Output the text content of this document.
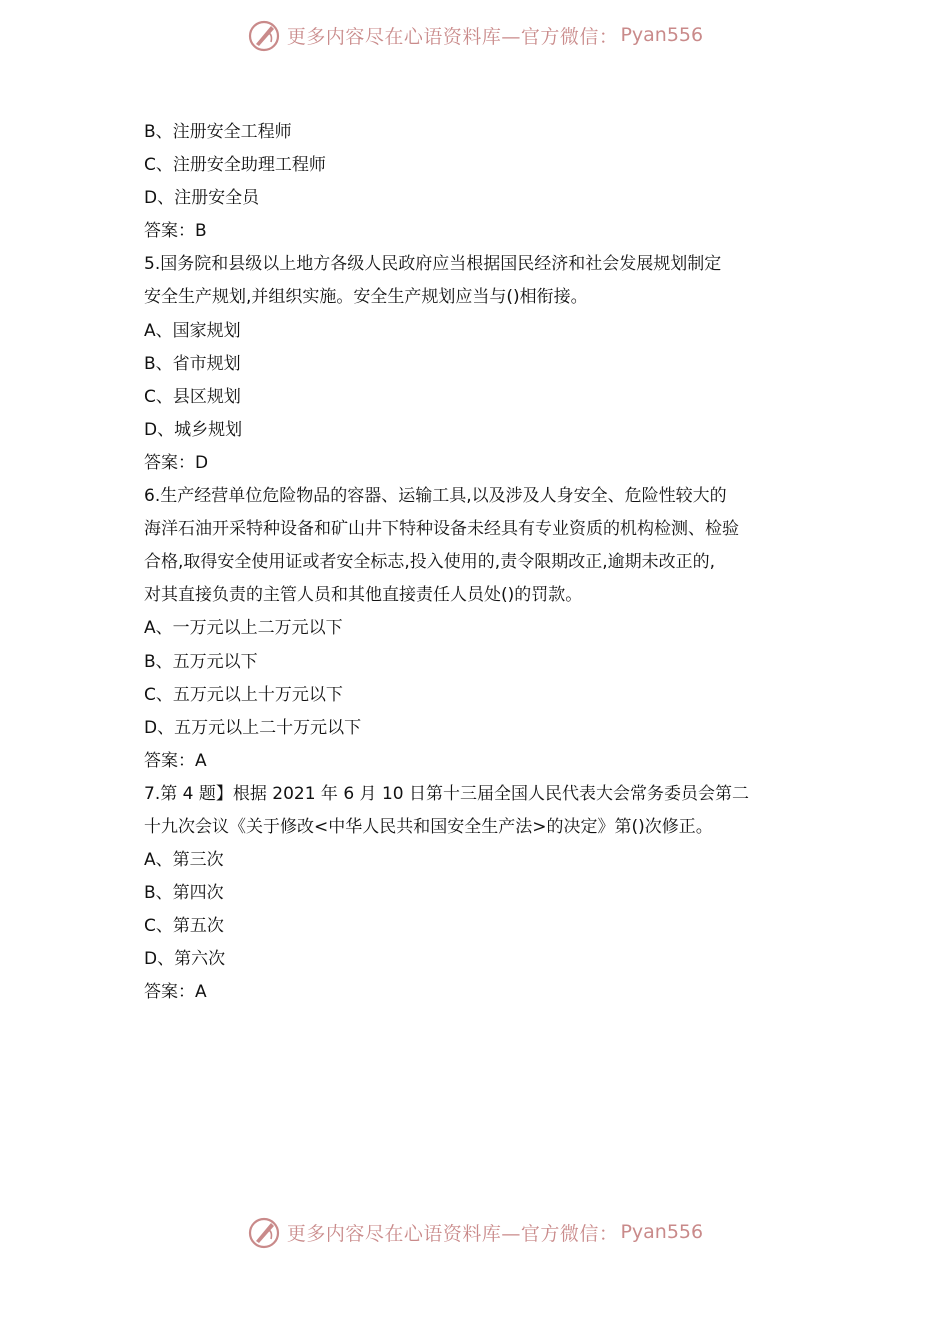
更多内容尽在心语资料库 —官方微信： Pyan556
B、注册安全工程师
C、注册安全助理工程师
D、注册安全员
答案：B
5.国务院和县级以上地方各级人民政府应当根据国民经济和社会发展规划制定
安全生产规划,并组织实施。安全生产规划应当与()相衔接。
A、国家规划
B、省市规划
C、县区规划
D、城乡规划
答案：D
6.生产经营单位危险物品的容器、运输工具,以及涉及人身安全、危险性较大的
海洋石油开采特种设备和矿山井下特种设备未经具有专业资质的机构检测、检验
合格,取得安全使用证或者安全标志,投入使用的,责令限期改正,逾期未改正的,
对其直接负责的主管人员和其他直接责任人员处()的罚款。
A、一万元以上二万元以下
B、五万元以下
C、五万元以上十万元以下
D、五万元以上二十万元以下
答案：A
7.第 4 题】根据 2021 年 6 月 10 日第十三届全国人民代表大会常务委员会第二
十九次会议《关于修改<中华人民共和国安全生产法>的决定》第()次修正。
A、第三次
B、第四次
C、第五次
D、第六次
答案：A
更多内容尽在心语资料库 —官方微信： Pyan556
